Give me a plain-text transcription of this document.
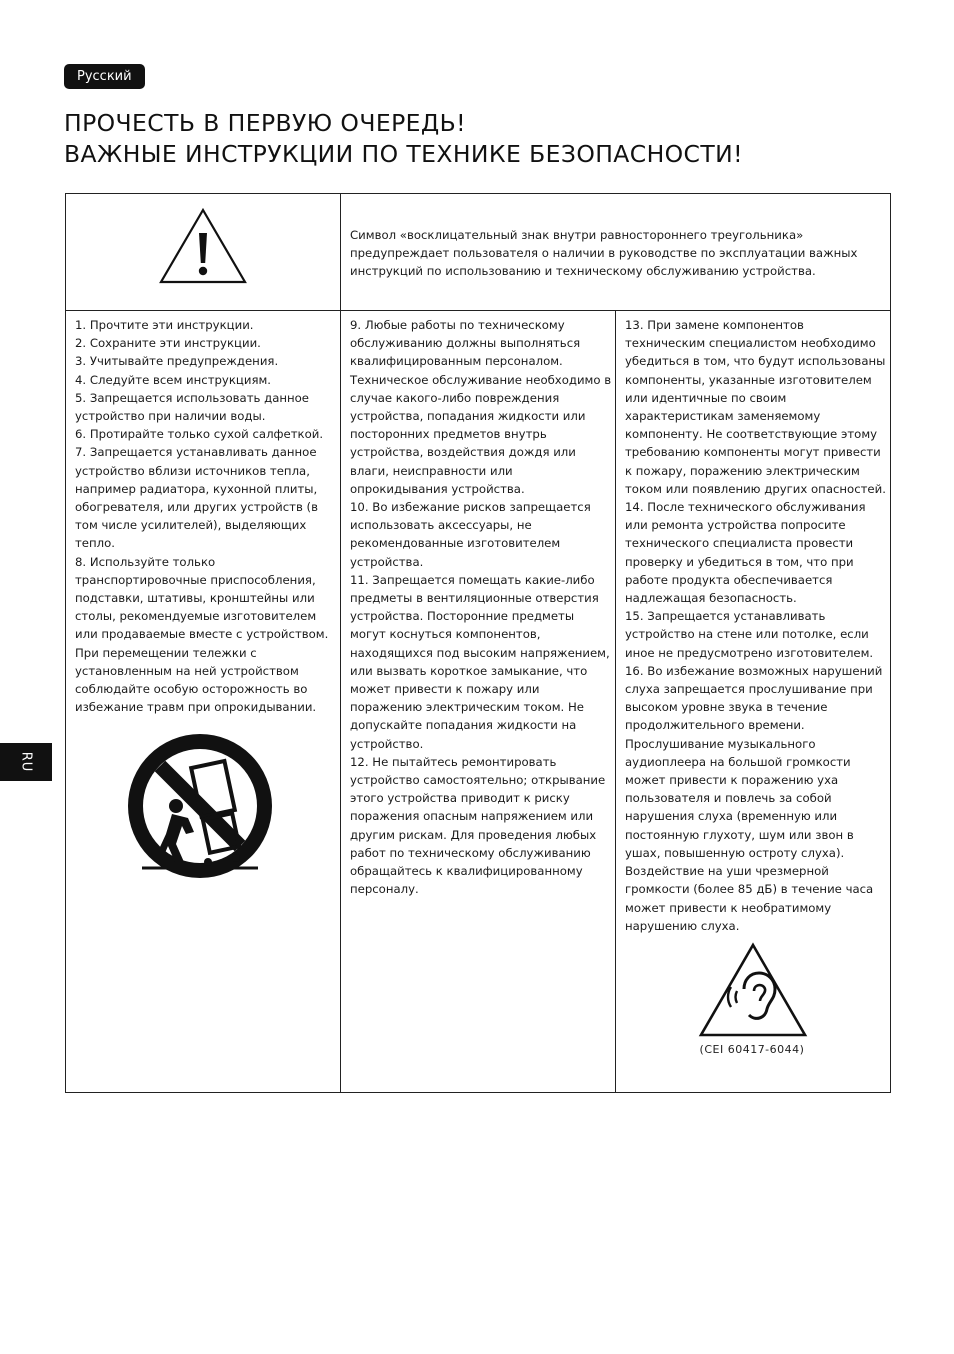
Русский
ПРОЧЕСТЬ В ПЕРВУЮ ОЧЕРЕДЬ!
ВАЖНЫЕ ИНСТРУКЦИИ ПО ТЕХНИКЕ БЕЗОПАСНОСТИ!
RU
Символ «восклицательный знак внутри равностороннего треугольника» предупреждает пользователя о наличии в руководстве по эксплуатации важных инструкций по использованию и техническому обслуживанию устройства.

1. Прочтите эти инструкции.

2. Сохраните эти инструкции.

3. Учитывайте предупреждения.

4. Следуйте всем инструкциям.

5. Запрещается использовать данное устройство при наличии воды.

6. Протирайте только сухой салфеткой.

7. Запрещается устанавливать данное устройство вблизи источников тепла, например радиатора, кухонной плиты, обогревателя, или других устройств (в том числе усилителей), выделяющих тепло.

8. Используйте только транспортировочные приспособления, подставки, штативы, кронштейны или столы, рекомендуемые изготовителем или продаваемые вместе с устройством. При перемещении тележки с установленным на ней устройством соблюдайте особую осторожность во избежание травм при опрокидывании.

9. Любые работы по техническому обслуживанию должны выполняться квалифицированным персоналом. Техническое обслуживание необходимо в случае какого-либо повреждения устройства, попадания жидкости или посторонних предметов внутрь устройства, воздействия дождя или влаги, неисправности или опрокидывания устройства.

10. Во избежание рисков запрещается использовать аксессуары, не рекомендованные изготовителем устройства.

11. Запрещается помещать какие-либо предметы в вентиляционные отверстия устройства. Посторонние предметы могут коснуться компонентов, находящихся под высоким напряжением, или вызвать короткое замыкание, что может привести к пожару или поражению электрическим током. Не допускайте попадания жидкости на устройство.

12. Не пытайтесь ремонтировать устройство самостоятельно; открывание этого устройства приводит к риску поражения опасным напряжением или другим рискам. Для проведения любых работ по техническому обслуживанию обращайтесь к квалифицированному персоналу.

13. При замене компонентов техническим специалистом необходимо убедиться в том, что будут использованы компоненты, указанные изготовителем или идентичные по своим характеристикам заменяемому компоненту. Не соответствующие этому требованию компоненты могут привести к пожару, поражению электрическим током или появлению других опасностей.

14. После технического обслуживания или ремонта устройства попросите технического специалиста провести проверку и убедиться в том, что при работе продукта обеспечивается надлежащая безопасность.

15. Запрещается устанавливать устройство на стене или потолке, если иное не предусмотрено изготовителем.

16. Во избежание возможных нарушений слуха запрещается прослушивание при высоком уровне звука в течение продолжительного времени. Прослушивание музыкального аудиоплеера на большой громкости может привести к поражению уха пользователя и повлечь за собой нарушения слуха (временную или постоянную глухоту, шум или звон в ушах, повышенную остроту слуха). Воздействие на уши чрезмерной громкости (более 85 дБ) в течение часа может привести к необратимому нарушению слуха.

(CEI 60417-6044)
